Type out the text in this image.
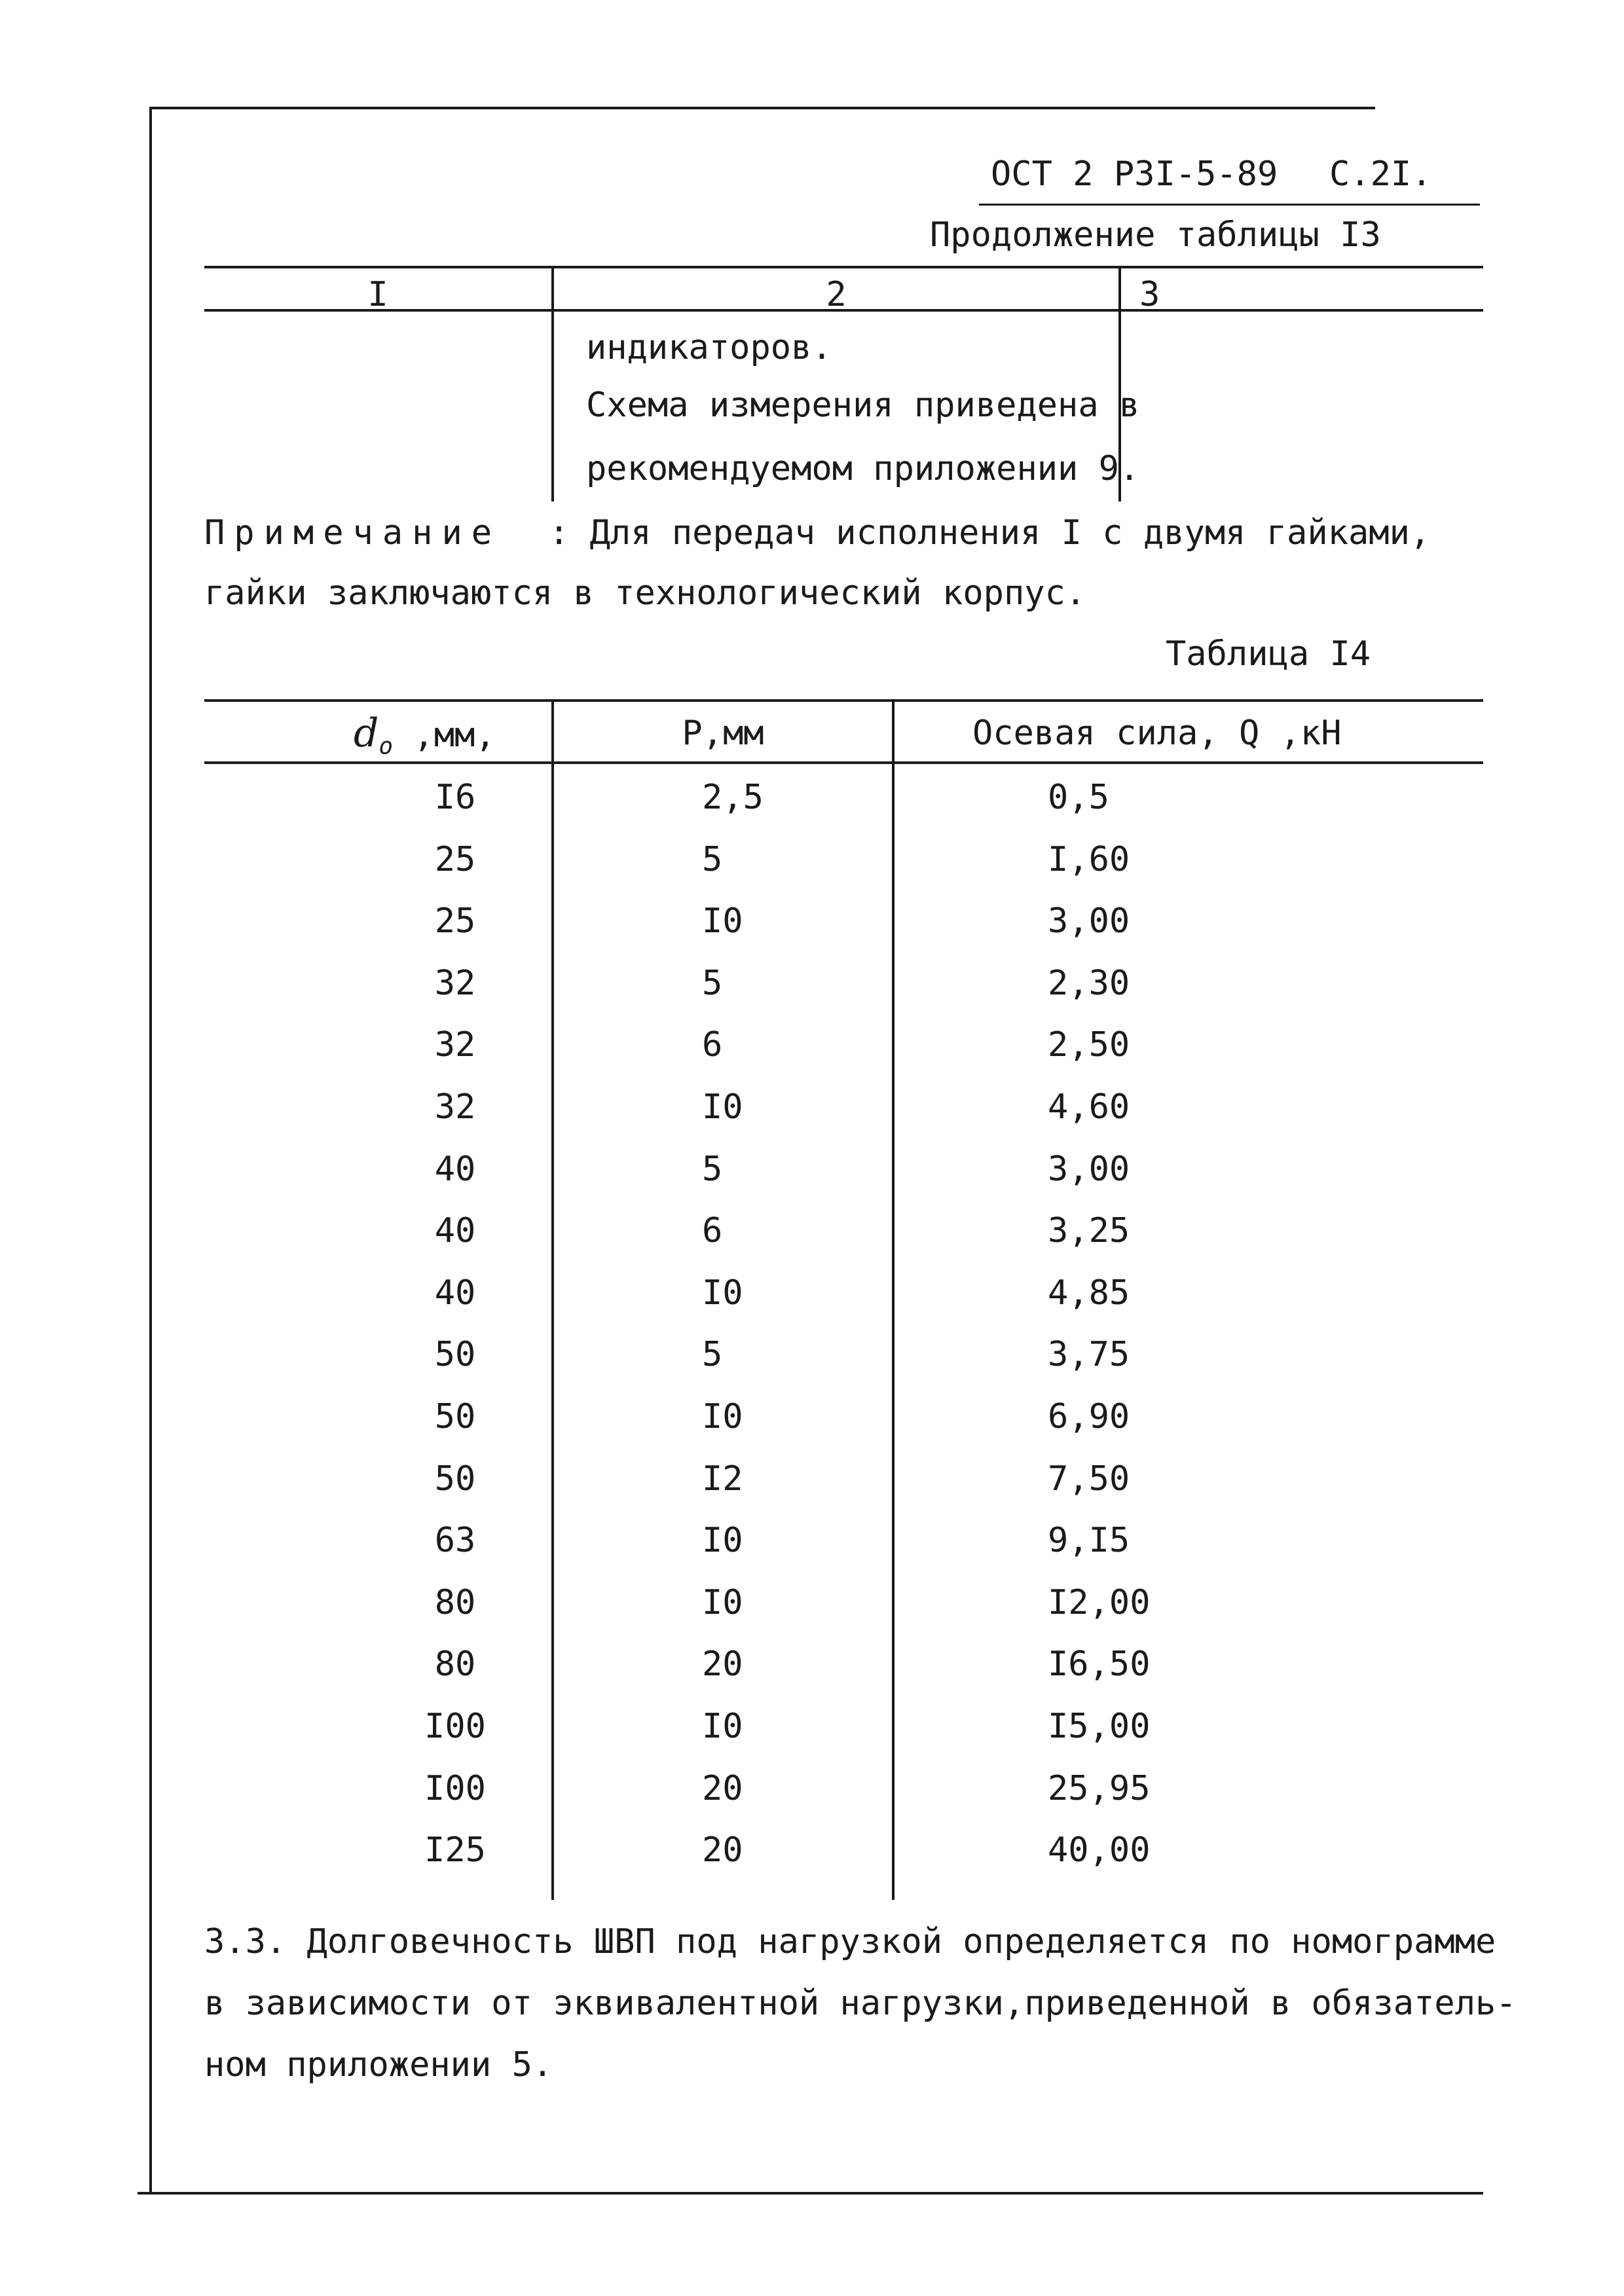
ОСТ 2 Р3І-5-89 С.2І.
Продолжение таблицы І3
І	2	3
индикаторов.
Схема измерения приведена в
рекомендуемом приложении 9.
Примечание : Для передач исполнения І с двумя гайками,
гайки заключаются в технологический корпус.
Таблица І4
$d_o$ ,мм,	P,мм	Осевая сила, Q ,кН
І6	2,5	0,5
25	5	І,60
25	І0	3,00
32	5	2,30
32	6	2,50
32	І0	4,60
40	5	3,00
40	6	3,25
40	І0	4,85
50	5	3,75
50	І0	6,90
50	І2	7,50
63	І0	9,І5
80	І0	І2,00
80	20	І6,50
І00	І0	І5,00
І00	20	25,95
І25	20	40,00
3.3. Долговечность ШВП под нагрузкой определяется по номограмме
в зависимости от эквивалентной нагрузки,приведенной в обязатель-
ном приложении 5.
